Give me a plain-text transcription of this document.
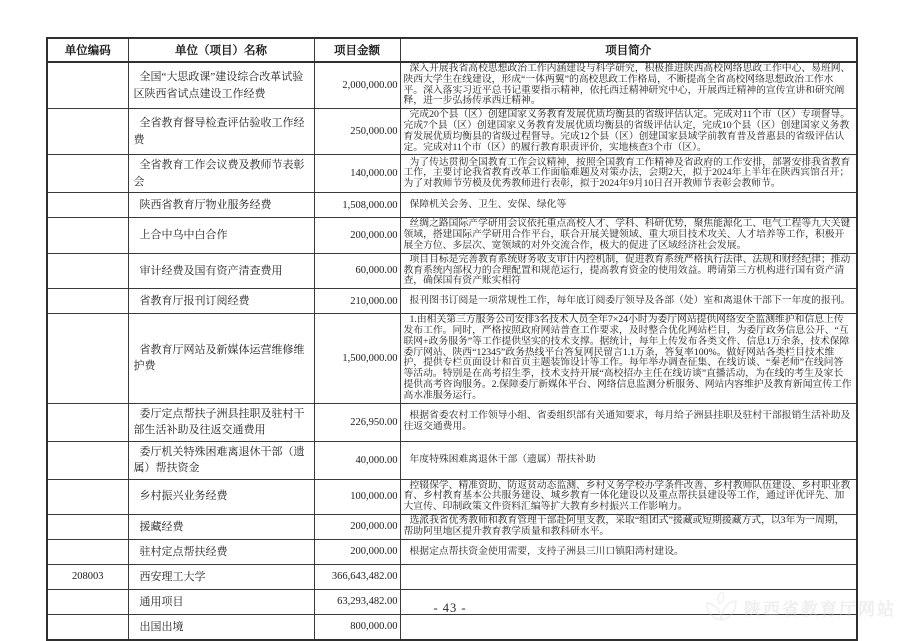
单位编码	单位（项目）名称	项目金额	项目简介
	全国“大思政课”建设综合改革试验区陕西省试点建设工作经费	2,000,000.00	深入开展我省高校思想政治工作内涵建设与科学研究，积极推进陕西高校网络思政工作中心、易班网、陕西大学生在线建设，形成“一体两翼”的高校思政工作格局，不断提高全省高校网络思想政治工作水平。深入落实习近平总书记重要指示精神，依托西迁精神研究中心，开展西迁精神的宣传宣讲和研究阐释，进一步弘扬传承西迁精神。
	全省教育督导检查评估验收工作经费	250,000.00	完成20个县（区）创建国家义务教育发展优质均衡县的省级评估认定。完成对11个市（区）专项督导。完成7个县（区）创建国家义务教育发展优质均衡县的省级评估认定，完成10个县（区）创建国家义务教育发展优质均衡县的省级过程督导。完成12个县（区）创建国家县域学前教育普及普惠县的省级评估认定。完成对11个市（区）的履行教育职责评价，实地核查3个市（区）。
	全省教育工作会议费及教师节表彰会	140,000.00	为了传达贯彻全国教育工作会议精神，按照全国教育工作精神及省政府的工作安排，部署安排我省教育工作，主要讨论我省教育改革工作面临难题及对策办法，会期2天，拟于2024年上半年在陕西宾馆召开；为了对教师节劳模及优秀教师进行表彰，拟于2024年9月10日召开教师节表彰会教师节。
	陕西省教育厅物业服务经费	1,508,000.00	保障机关会务、卫生、安保、绿化等
	上合中乌中白合作	200,000.00	丝绸之路国际产学研用会议依托重点高校人才、学科、科研优势，聚焦能源化工、电气工程等九大关键领域，搭建国际产学研用合作平台，联合开展关键领域、重大项目技术攻关、人才培养等工作，积极开展全方位、多层次、宽领域的对外交流合作，极大的促进了区域经济社会发展。
	审计经费及国有资产清查费用	60,000.00	项目目标是完善教育系统财务收支审计内控机制，促进教育系统严格执行法律、法规和财经纪律；推动教育系统内部权力的合理配置和规范运行，提高教育资金的使用效益。聘请第三方机构进行国有资产清查，确保国有资产账实相符
	省教育厅报刊订阅经费	210,000.00	报刊图书订阅是一项常规性工作，每年底订阅委厅领导及各部（处）室和离退休干部下一年度的报刊。
	省教育厅网站及新媒体运营维修维护费	1,500,000.00	1.由相关第三方服务公司安排3名技术人员全年7×24小时为委厅网站提供网络安全监测维护和信息上传发布工作。同时，严格按照政府网站普查工作要求，及时整合优化网站栏目，为委厅政务信息公开、“互联网+政务服务”等工作提供坚实的技术支撑。据统计，每年上传发布各类文件、信息1万余条，技术保障委厅网站、陕西“12345”政务热线平台答复网民留言1.1万条，答复率100%。做好网站各类栏目技术维护，提供专栏页面设计和首页主题装饰设计等工作。每年举办调查征集、在线访谈、“秦老师”在线问答等活动。特别是在高考招生季，技术支持开展“高校招办主任在线访谈”直播活动，为在线的考生及家长提供高考咨询服务。2.保障委厅新媒体平台、网络信息监测分析服务、网站内容维护及教育新闻宣传工作高水准服务运行。
	委厅定点帮扶子洲县挂职及驻村干部生活补助及往返交通费用	226,950.00	根据省委农村工作领导小组、省委组织部有关通知要求，每月给子洲县挂职及驻村干部报销生活补助及往返交通费用。
	委厅机关特殊困难离退休干部（遗属）帮扶资金	40,000.00	年度特殊困难离退休干部（遗属）帮扶补助
	乡村振兴业务经费	100,000.00	控辍保学、精准资助、防返贫动态监测、乡村义务学校办学条件改善、乡村教师队伍建设、乡村职业教育、乡村教育基本公共服务建设、城乡教育一体化建设以及重点帮扶县建设等工作，通过评优评先、加大宣传、印制政策文件资料汇编等扩大教育乡村振兴工作影响力。
	援藏经费	200,000.00	选派我省优秀教师和教育管理干部赴阿里支教，采取“组团式”援藏或短期援藏方式，以3年为一周期，帮助阿里地区提升教育教学质量和教科研水平。
	驻村定点帮扶经费	200,000.00	根据定点帮扶资金使用需要，支持子洲县三川口镇阳湾村建设。
208003	西安理工大学	366,643,482.00	
	通用项目	63,293,482.00	
	出国出境	800,000.00	
陕西省教育厅网站
- 43 -
